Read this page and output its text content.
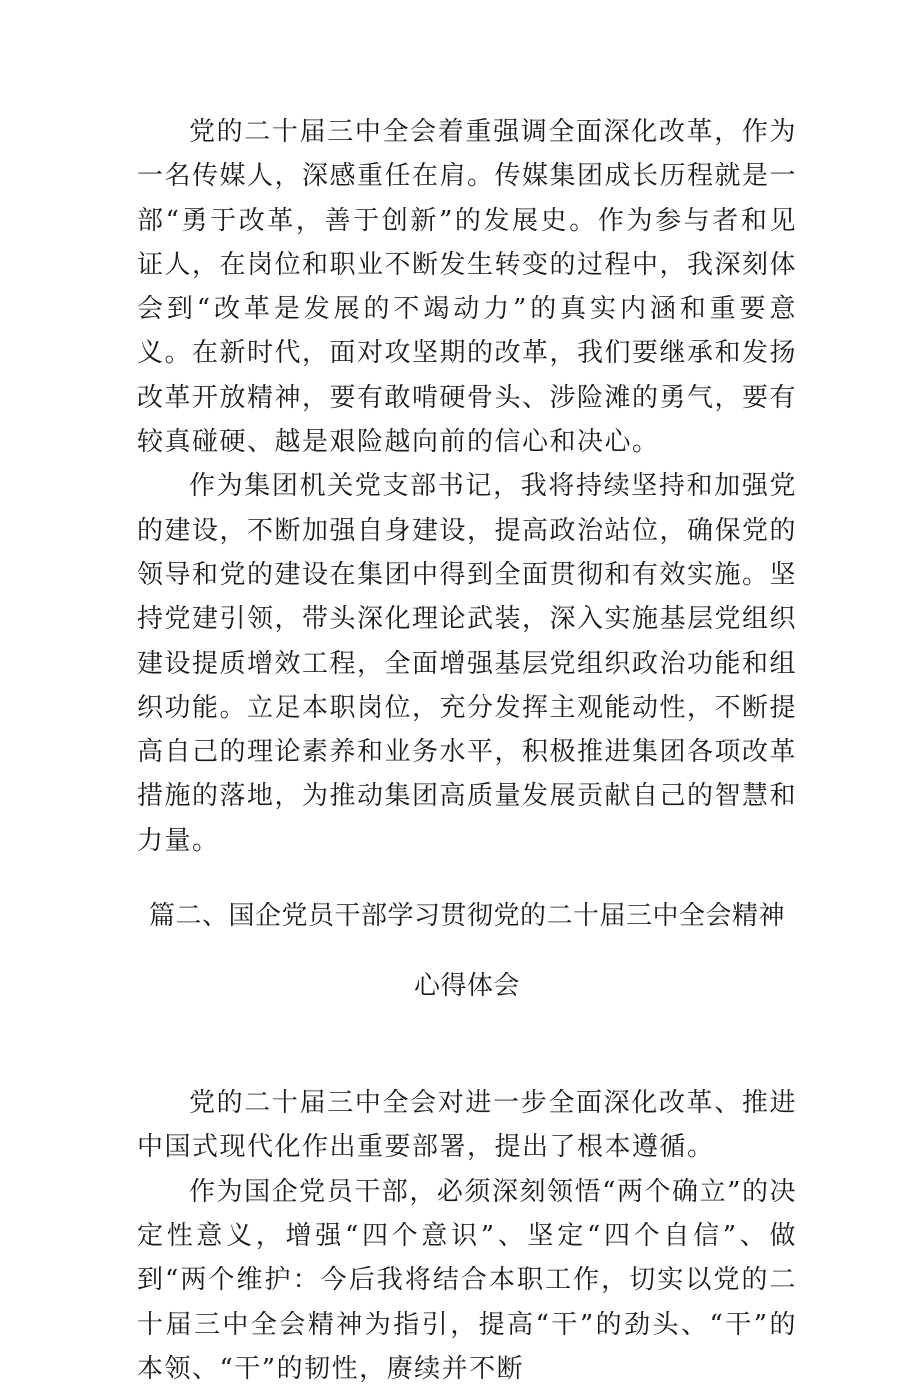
党的二十届三中全会着重强调全面深化改革，作为一名传媒人，深感重任在肩。传媒集团成长历程就是一部“勇于改革，善于创新”的发展史。作为参与者和见证人，在岗位和职业不断发生转变的过程中，我深刻体会到“改革是发展的不竭动力”的真实内涵和重要意义。在新时代，面对攻坚期的改革，我们要继承和发扬改革开放精神，要有敢啃硬骨头、涉险滩的勇气，要有较真碰硬、越是艰险越向前的信心和决心。

作为集团机关党支部书记，我将持续坚持和加强党的建设，不断加强自身建设，提高政治站位，确保党的领导和党的建设在集团中得到全面贯彻和有效实施。坚持党建引领，带头深化理论武装，深入实施基层党组织建设提质增效工程，全面增强基层党组织政治功能和组织功能。立足本职岗位，充分发挥主观能动性，不断提高自己的理论素养和业务水平，积极推进集团各项改革措施的落地，为推动集团高质量发展贡献自己的智慧和力量。

篇二、国企党员干部学习贯彻党的二十届三中全会精神心得体会

党的二十届三中全会对进一步全面深化改革、推进中国式现代化作出重要部署，提出了根本遵循。

作为国企党员干部，必须深刻领悟“两个确立”的决定性意义，增强“四个意识”、坚定“四个自信”、做到“两个维护：今后我将结合本职工作，切实以党的二十届三中全会精神为指引，提高“干”的劲头、“干”的本领、“干”的韧性，赓续并不断
